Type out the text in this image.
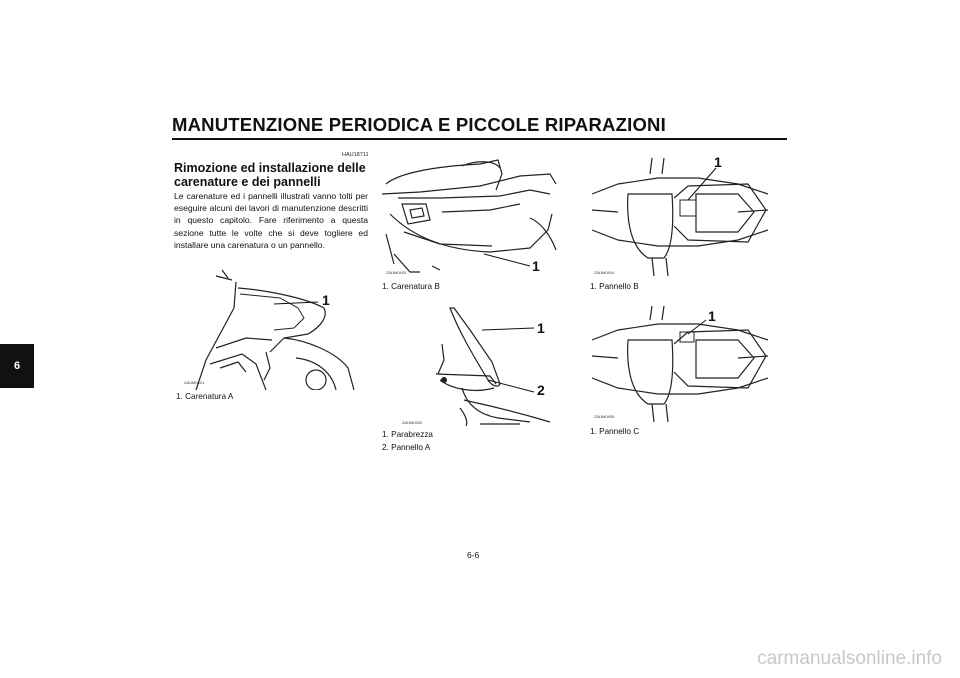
MANUTENZIONE PERIODICA E PICCOLE RIPARAZIONI
6
HAU18711
Rimozione ed installazione delle carenature e dei pannelli

Le carenature ed i pannelli illustrati vanno tolti per eseguire alcuni dei lavori di manutenzione descritti in questo capitolo. Fare riferimento a questa sezione tutte le volte che si deve togliere ed installare una carenatura o un pannello.

1
ZAUM0401
1. Carenatura A
1
ZAUM0403
1. Carenatura B
1
2
ZAUM0402
1. Parabrezza
2. Pannello A
1
ZAUM0404
1. Pannello B
1
ZAUM0405
1. Pannello C
6-6
carmanualsonline.info
